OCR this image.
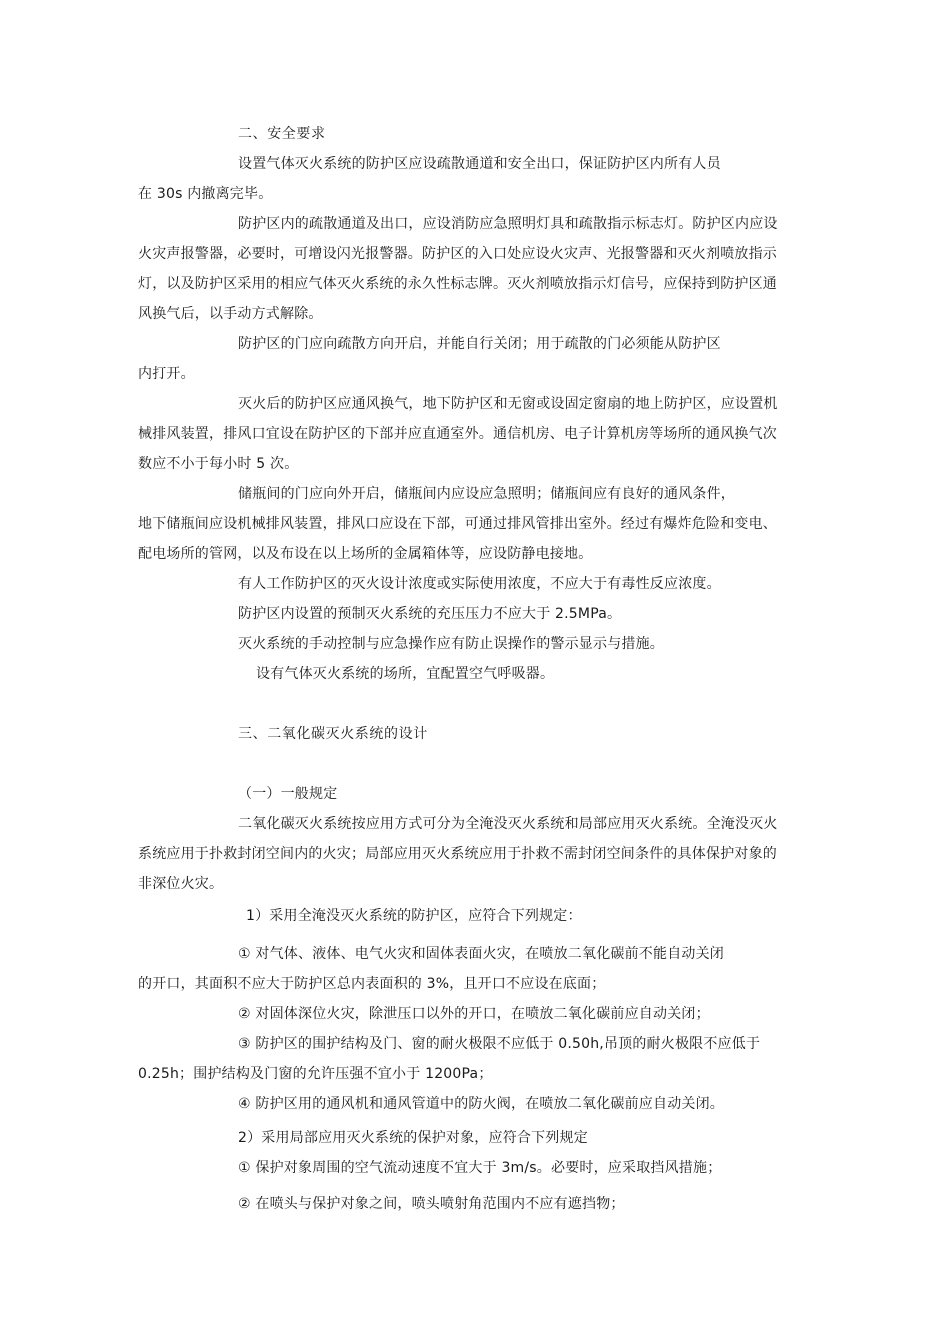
二、安全要求
设置气体灭火系统的防护区应设疏散通道和安全出口，保证防护区内所有人员
在 30s 内撤离完毕。
防护区内的疏散通道及出口，应设消防应急照明灯具和疏散指示标志灯。防护区内应设
火灾声报警器，必要时，可增设闪光报警器。防护区的入口处应设火灾声、光报警器和灭火剂喷放指示
灯，以及防护区采用的相应气体灭火系统的永久性标志牌。灭火剂喷放指示灯信号，应保持到防护区通
风换气后，以手动方式解除。
防护区的门应向疏散方向开启，并能自行关闭；用于疏散的门必须能从防护区
内打开。
灭火后的防护区应通风换气，地下防护区和无窗或设固定窗扇的地上防护区，应设置机
械排风装置，排风口宜设在防护区的下部并应直通室外。通信机房、电子计算机房等场所的通风换气次
数应不小于每小时 5 次。
储瓶间的门应向外开启，储瓶间内应设应急照明；储瓶间应有良好的通风条件，
地下储瓶间应设机械排风装置，排风口应设在下部，可通过排风管排出室外。经过有爆炸危险和变电、
配电场所的管网，以及布设在以上场所的金属箱体等，应设防静电接地。
有人工作防护区的灭火设计浓度或实际使用浓度，不应大于有毒性反应浓度。
防护区内设置的预制灭火系统的充压压力不应大于 2.5MPa。
灭火系统的手动控制与应急操作应有防止误操作的警示显示与措施。
设有气体灭火系统的场所，宜配置空气呼吸器。
三、二氧化碳灭火系统的设计
（一）一般规定
二氧化碳灭火系统按应用方式可分为全淹没灭火系统和局部应用灭火系统。全淹没灭火
系统应用于扑救封闭空间内的火灾；局部应用灭火系统应用于扑救不需封闭空间条件的具体保护对象的
非深位火灾。
1）采用全淹没灭火系统的防护区，应符合下列规定：
① 对气体、液体、电气火灾和固体表面火灾，在喷放二氧化碳前不能自动关闭
的开口，其面积不应大于防护区总内表面积的 3%，且开口不应设在底面；
② 对固体深位火灾，除泄压口以外的开口，在喷放二氧化碳前应自动关闭；
③ 防护区的围护结构及门、窗的耐火极限不应低于 0.50h,吊顶的耐火极限不应低于
0.25h；围护结构及门窗的允许压强不宜小于 1200Pa；
④ 防护区用的通风机和通风管道中的防火阀，在喷放二氧化碳前应自动关闭。
2）采用局部应用灭火系统的保护对象，应符合下列规定
① 保护对象周围的空气流动速度不宜大于 3m/s。必要时，应采取挡风措施；
② 在喷头与保护对象之间，喷头喷射角范围内不应有遮挡物；
